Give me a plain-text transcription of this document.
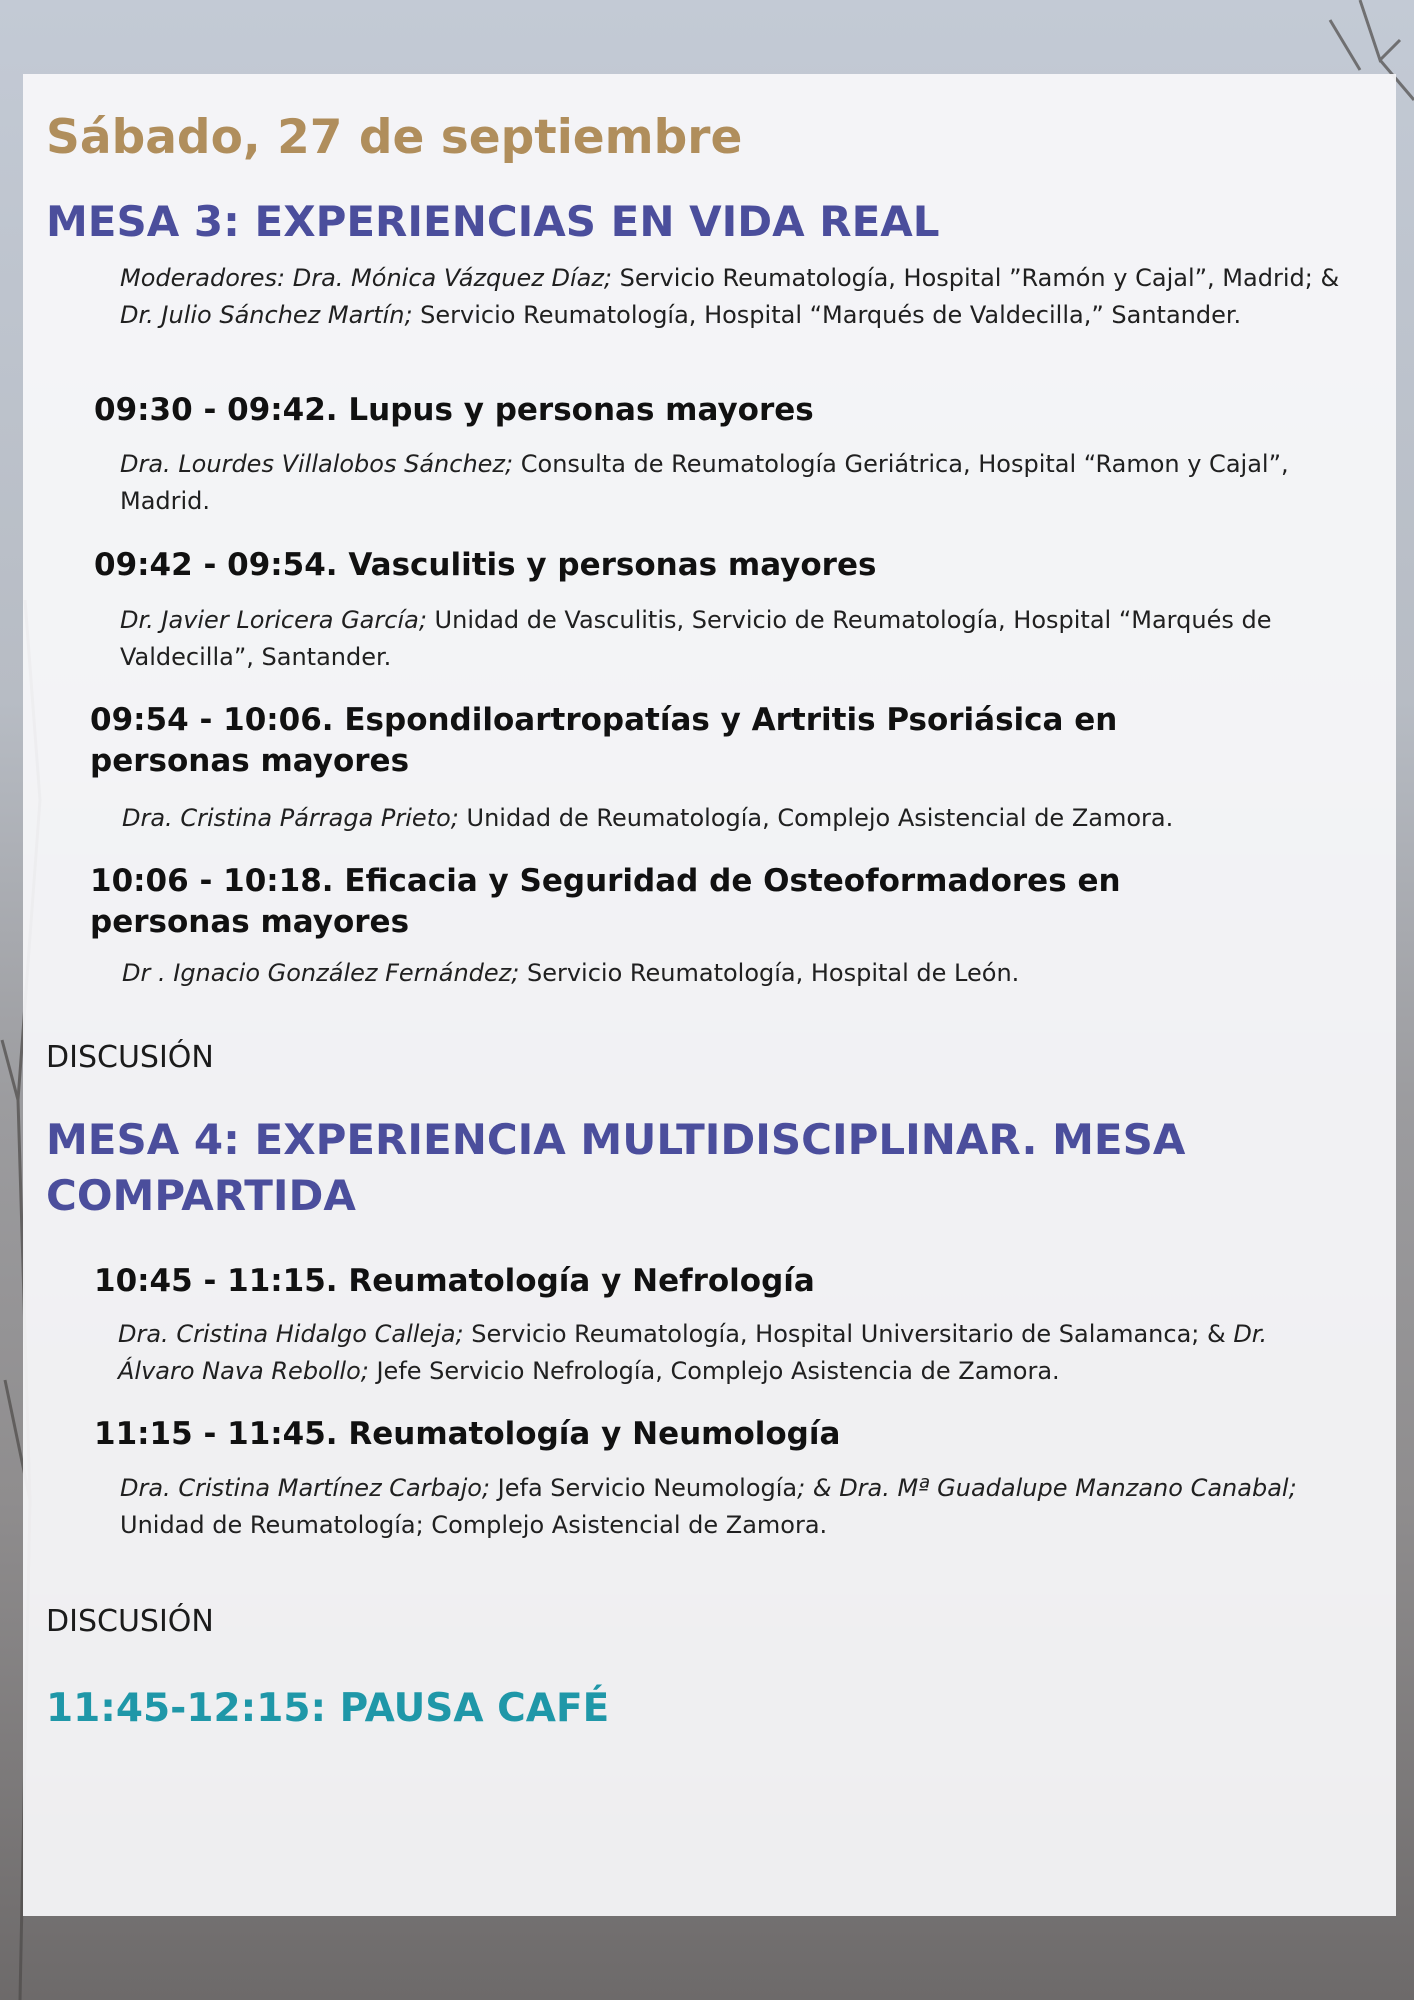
Sábado, 27 de septiembre
MESA 3: EXPERIENCIAS EN VIDA REAL
Moderadores: Dra. Mónica Vázquez Díaz; Servicio Reumatología, Hospital ”Ramón y Cajal”, Madrid; & Dr. Julio Sánchez Martín; Servicio Reumatología, Hospital “Marqués de Valdecilla,” Santander.
09:30 - 09:42. Lupus y personas mayores
Dra. Lourdes Villalobos Sánchez; Consulta de Reumatología Geriátrica, Hospital “Ramon y Cajal”, Madrid.
09:42 - 09:54. Vasculitis y personas mayores
Dr. Javier Loricera García; Unidad de Vasculitis, Servicio de Reumatología, Hospital “Marqués de Valdecilla”, Santander.
09:54 - 10:06. Espondiloartropatías y Artritis Psoriásica en personas mayores
Dra. Cristina Párraga Prieto; Unidad de Reumatología, Complejo Asistencial de Zamora.
10:06 - 10:18. Eficacia y Seguridad de Osteoformadores en personas mayores
Dr . Ignacio González Fernández; Servicio Reumatología, Hospital de León.
DISCUSIÓN
MESA 4: EXPERIENCIA MULTIDISCIPLINAR. MESA COMPARTIDA
10:45 - 11:15. Reumatología y Nefrología
Dra. Cristina Hidalgo Calleja; Servicio Reumatología, Hospital Universitario de Salamanca; & Dr. Álvaro Nava Rebollo; Jefe Servicio Nefrología, Complejo Asistencia de Zamora.
11:15 - 11:45. Reumatología y Neumología
Dra. Cristina Martínez Carbajo; Jefa Servicio Neumología; & Dra. Mª Guadalupe Manzano Canabal; Unidad de Reumatología; Complejo Asistencial de Zamora.
DISCUSIÓN
11:45-12:15: PAUSA CAFÉ
